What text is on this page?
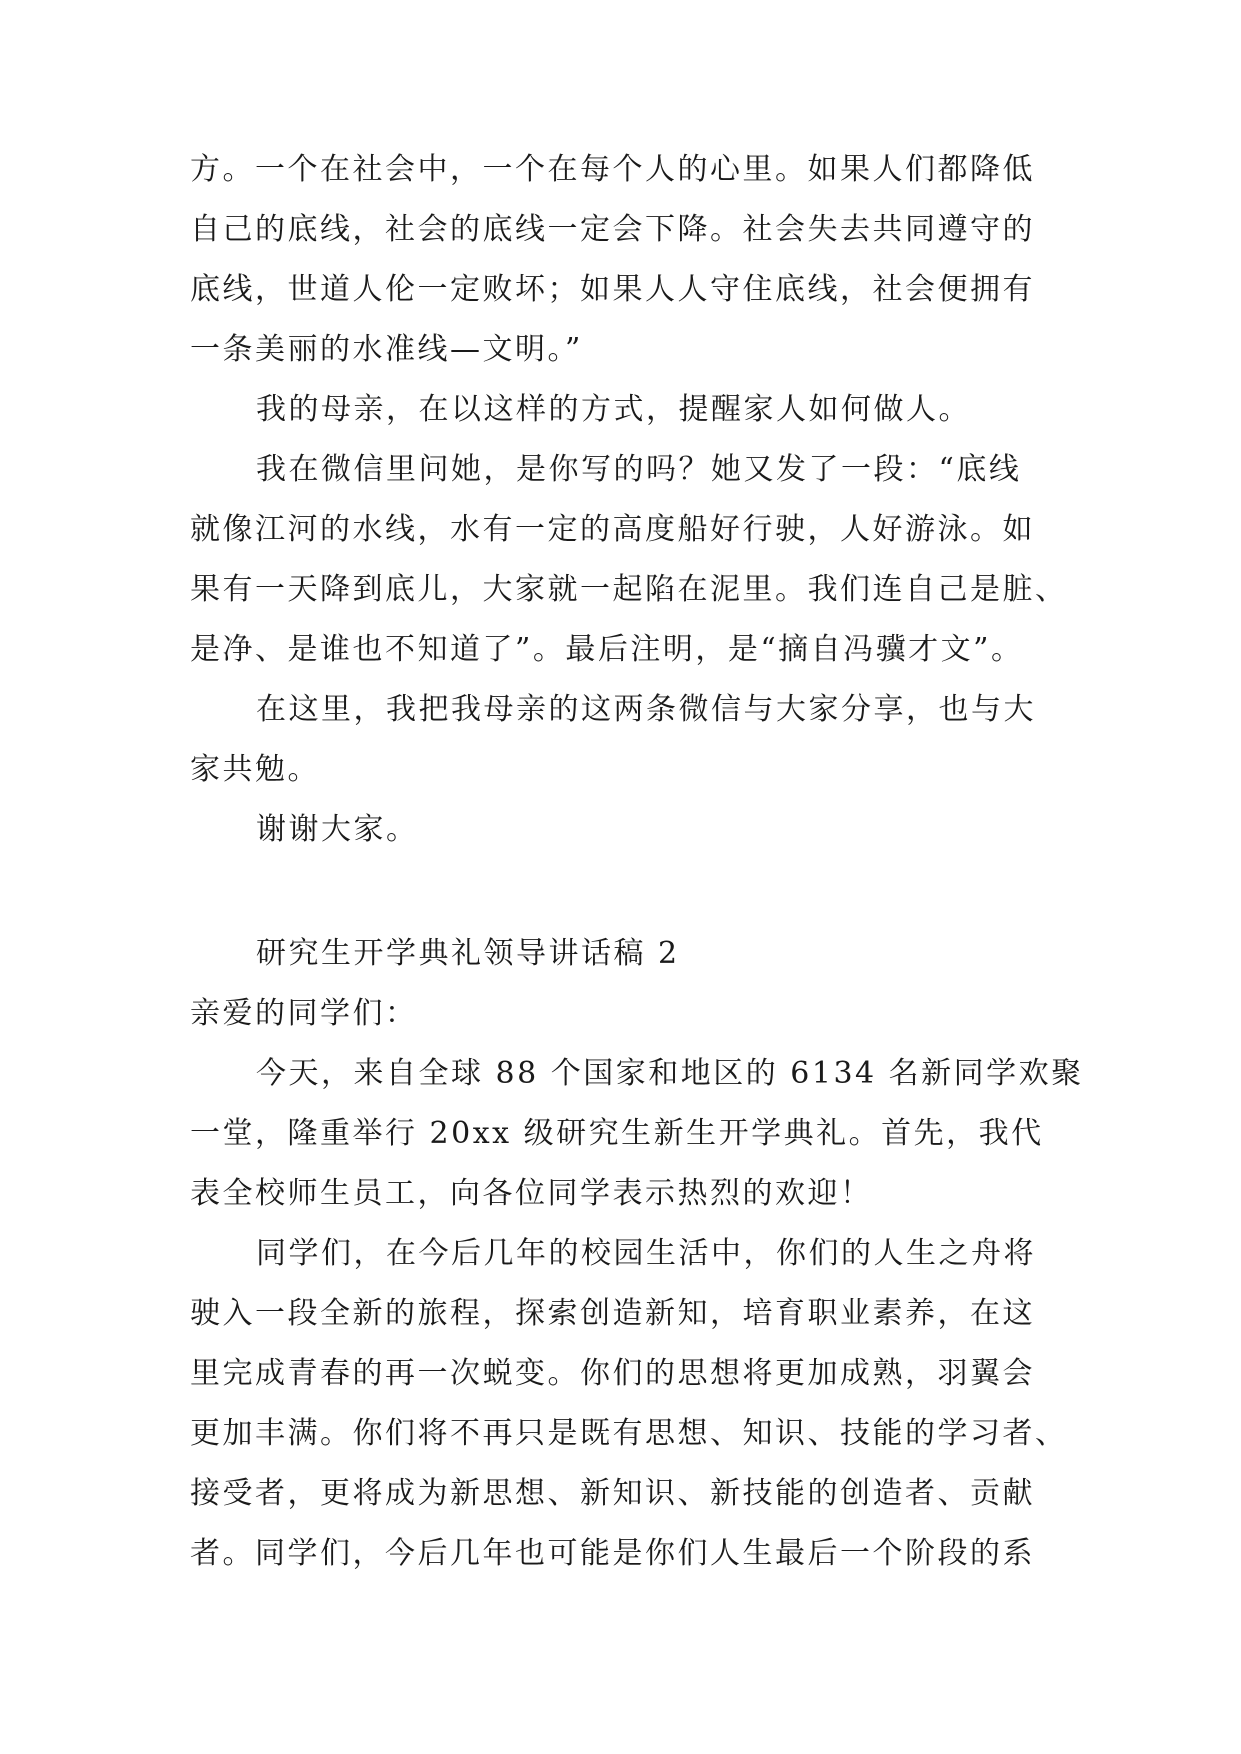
方。一个在社会中，一个在每个人的心里。如果人们都降低
自己的底线，社会的底线一定会下降。社会失去共同遵守的
底线，世道人伦一定败坏；如果人人守住底线，社会便拥有
一条美丽的水准线—文明。”
我的母亲，在以这样的方式，提醒家人如何做人。
我在微信里问她，是你写的吗？她又发了一段：“底线
就像江河的水线，水有一定的高度船好行驶，人好游泳。如
果有一天降到底儿，大家就一起陷在泥里。我们连自己是脏、
是净、是谁也不知道了”。最后注明，是“摘自冯骥才文”。
在这里，我把我母亲的这两条微信与大家分享，也与大
家共勉。
谢谢大家。
研究生开学典礼领导讲话稿 2
亲爱的同学们：
今天，来自全球 88 个国家和地区的 6134 名新同学欢聚
一堂，隆重举行 20xx 级研究生新生开学典礼。首先，我代
表全校师生员工，向各位同学表示热烈的欢迎！
同学们，在今后几年的校园生活中，你们的人生之舟将
驶入一段全新的旅程，探索创造新知，培育职业素养，在这
里完成青春的再一次蜕变。你们的思想将更加成熟，羽翼会
更加丰满。你们将不再只是既有思想、知识、技能的学习者、
接受者，更将成为新思想、新知识、新技能的创造者、贡献
者。同学们，今后几年也可能是你们人生最后一个阶段的系
